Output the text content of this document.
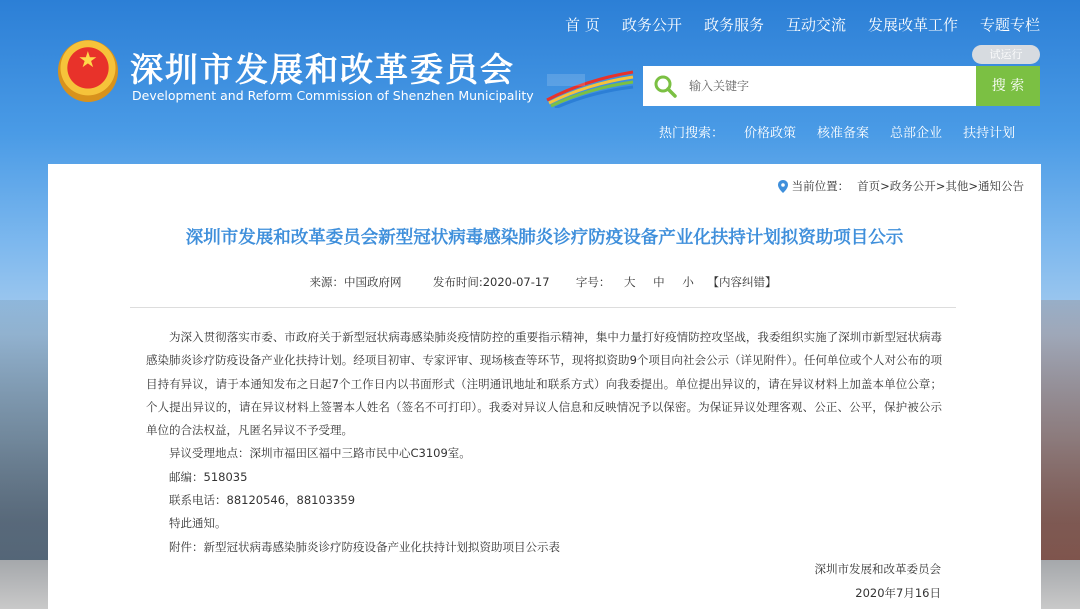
★ 深圳市发展和改革委员会
Development and Reform Commission of Shenzhen Municipality
首 页 政务公开 政务服务 互动交流 发展改革工作 专题专栏
试运行
输入关键字
搜 索
热门搜索： 价格政策 核准备案 总部企业 扶持计划
当前位置： 首页 > 政务公开 > 其他 > 通知公告
深圳市发展和改革委员会新型冠状病毒感染肺炎诊疗防疫设备产业化扶持计划拟资助项目公示
来源：中国政府网	发布时间:2020-07-17 字号： 大 中 小 【内容纠错】

为深入贯彻落实市委、市政府关于新型冠状病毒感染肺炎疫情防控的重要指示精神，集中力量打好疫情防控攻坚战，我委组织实施了深圳市新型冠状病毒感染肺炎诊疗防疫设备产业化扶持计划。经项目初审、专家评审、现场核查等环节，现将拟资助9个项目向社会公示（详见附件）。任何单位或个人对公布的项目持有异议，请于本通知发布之日起7个工作日内以书面形式（注明通讯地址和联系方式）向我委提出。单位提出异议的，请在异议材料上加盖本单位公章；个人提出异议的，请在异议材料上签署本人姓名（签名不可打印）。我委对异议人信息和反映情况予以保密。为保证异议处理客观、公正、公平，保护被公示单位的合法权益，凡匿名异议不予受理。

异议受理地点：深圳市福田区福中三路市民中心C3109室。

邮编：518035

联系电话：88120546，88103359

特此通知。

附件：新型冠状病毒感染肺炎诊疗防疫设备产业化扶持计划拟资助项目公示表

深圳市发展和改革委员会
2020年7月16日
